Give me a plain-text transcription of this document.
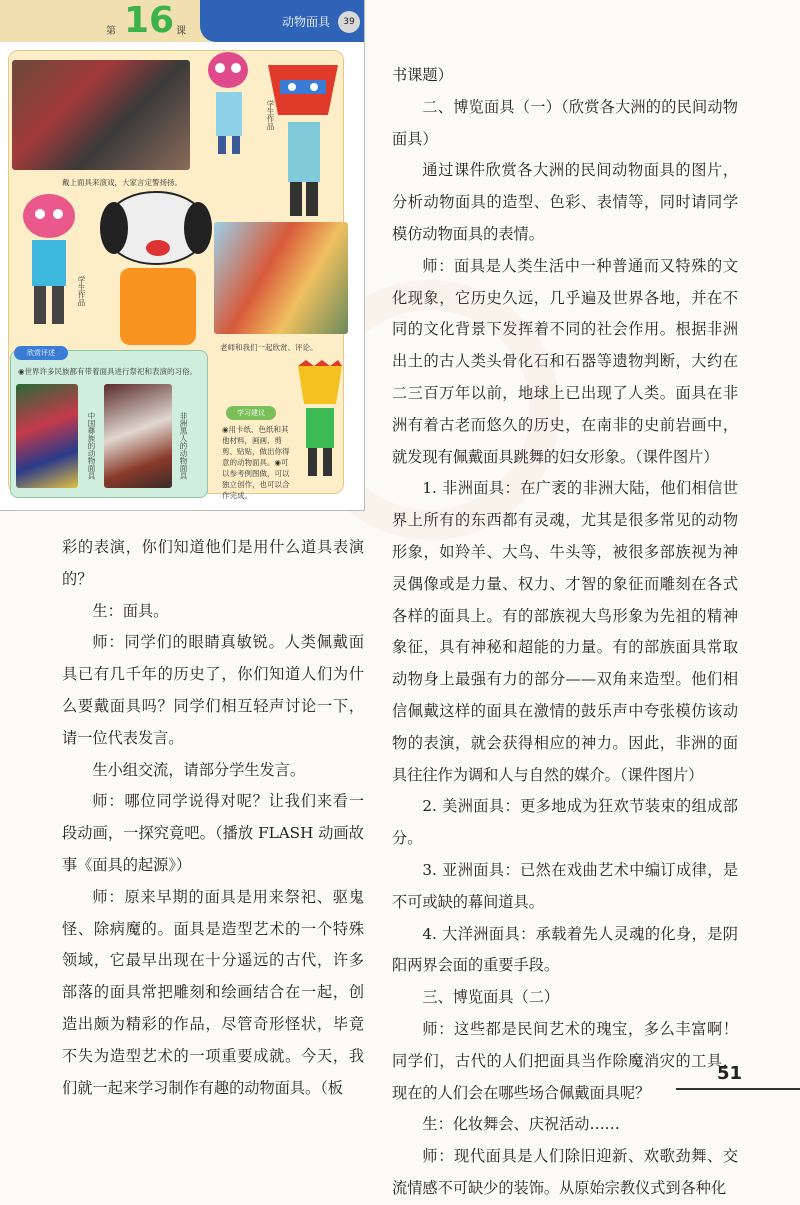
第 16 课
动物面具	39
戴上面具来演戏，大家言定警扬扬。
学生作品
学生作品
老师和我们一起欣赏、评论。
欣赏评述
◉世界许多民族都有带着面具进行祭祀和表演的习俗。
中国彝族的动物面具	非洲黑人的动物面具	学习建议
◉用卡纸、色纸和其他材料，画画、剪剪、贴贴，做出你得意的动物面具。◉可以参考例图做，可以独立创作，也可以合作完成。

彩的表演，你们知道他们是用什么道具表演的？

生：面具。

师：同学们的眼睛真敏锐。人类佩戴面具已有几千年的历史了，你们知道人们为什么要戴面具吗？同学们相互轻声讨论一下，请一位代表发言。

生小组交流，请部分学生发言。

师：哪位同学说得对呢？让我们来看一段动画，一探究竟吧。（播放 FLASH 动画故事《面具的起源》）

师：原来早期的面具是用来祭祀、驱鬼怪、除病魔的。面具是造型艺术的一个特殊领域，它最早出现在十分遥远的古代，许多部落的面具常把雕刻和绘画结合在一起，创造出颇为精彩的作品，尽管奇形怪状，毕竟不失为造型艺术的一项重要成就。今天，我们就一起来学习制作有趣的动物面具。（板

书课题）

二、博览面具（一）（欣赏各大洲的的民间动物面具）

通过课件欣赏各大洲的民间动物面具的图片，分析动物面具的造型、色彩、表情等，同时请同学模仿动物面具的表情。

师：面具是人类生活中一种普通而又特殊的文化现象，它历史久远，几乎遍及世界各地，并在不同的文化背景下发挥着不同的社会作用。根据非洲出土的古人类头骨化石和石器等遗物判断，大约在二三百万年以前，地球上已出现了人类。面具在非洲有着古老而悠久的历史，在南非的史前岩画中，就发现有佩戴面具跳舞的妇女形象。（课件图片）

1. 非洲面具：在广袤的非洲大陆，他们相信世界上所有的东西都有灵魂，尤其是很多常见的动物形象，如羚羊、大鸟、牛头等，被很多部族视为神灵偶像或是力量、权力、才智的象征而雕刻在各式各样的面具上。有的部族视大鸟形象为先祖的精神象征，具有神秘和超能的力量。有的部族面具常取动物身上最强有力的部分——双角来造型。他们相信佩戴这样的面具在激情的鼓乐声中夸张模仿该动物的表演，就会获得相应的神力。因此，非洲的面具往往作为调和人与自然的媒介。（课件图片）

2. 美洲面具：更多地成为狂欢节装束的组成部分。

3. 亚洲面具：已然在戏曲艺术中编订成律，是不可或缺的幕间道具。

4. 大洋洲面具：承载着先人灵魂的化身，是阴阳两界会面的重要手段。

三、博览面具（二）

师：这些都是民间艺术的瑰宝，多么丰富啊！同学们，古代的人们把面具当作除魔消灾的工具，现在的人们会在哪些场合佩戴面具呢？

生：化妆舞会、庆祝活动……

师：现代面具是人们除旧迎新、欢歌劲舞、交流情感不可缺少的装饰。从原始宗教仪式到各种化

51
